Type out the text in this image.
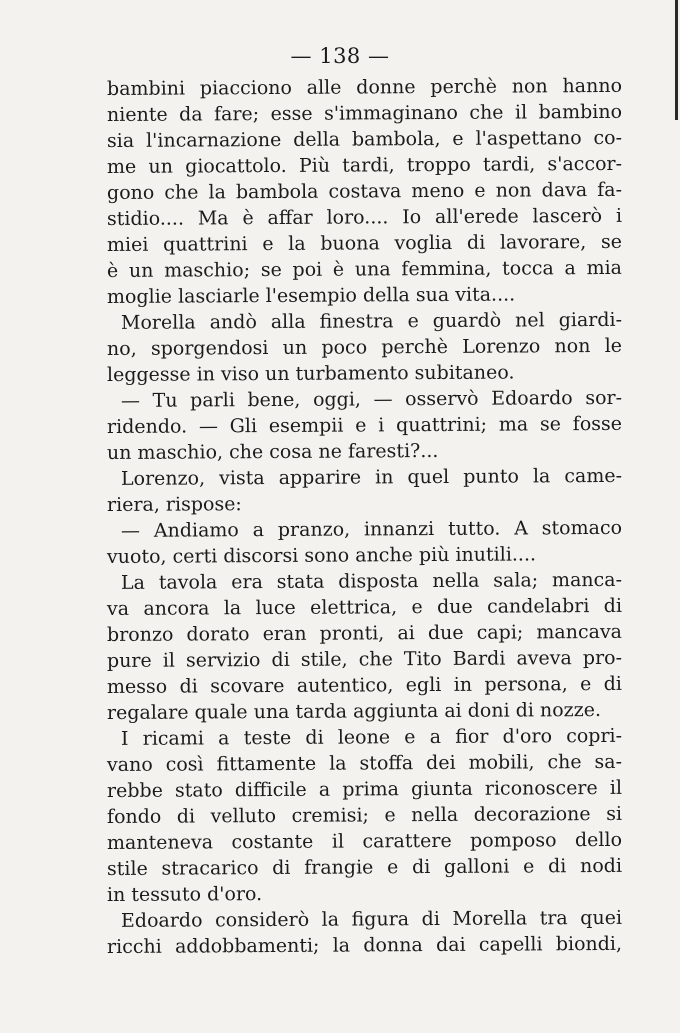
— 138 —
bambini piacciono alle donne perchè non hanno
niente da fare; esse s'immaginano che il bambino
sia l'incarnazione della bambola, e l'aspettano co-
me un giocattolo. Più tardi, troppo tardi, s'accor-
gono che la bambola costava meno e non dava fa-
stidio.... Ma è affar loro.... Io all'erede lascerò i
miei quattrini e la buona voglia di lavorare, se
è un maschio; se poi è una femmina, tocca a mia
moglie lasciarle l'esempio della sua vita....
Morella andò alla finestra e guardò nel giardi-
no, sporgendosi un poco perchè Lorenzo non le
leggesse in viso un turbamento subitaneo.
— Tu parli bene, oggi, — osservò Edoardo sor-
ridendo. — Gli esempii e i quattrini; ma se fosse
un maschio, che cosa ne faresti?...
Lorenzo, vista apparire in quel punto la came-
riera, rispose:
— Andiamo a pranzo, innanzi tutto. A stomaco
vuoto, certi discorsi sono anche più inutili....
La tavola era stata disposta nella sala; manca-
va ancora la luce elettrica, e due candelabri di
bronzo dorato eran pronti, ai due capi; mancava
pure il servizio di stile, che Tito Bardi aveva pro-
messo di scovare autentico, egli in persona, e di
regalare quale una tarda aggiunta ai doni di nozze.
I ricami a teste di leone e a fior d'oro copri-
vano così fittamente la stoffa dei mobili, che sa-
rebbe stato difficile a prima giunta riconoscere il
fondo di velluto cremisi; e nella decorazione si
manteneva costante il carattere pomposo dello
stile stracarico di frangie e di galloni e di nodi
in tessuto d'oro.
Edoardo considerò la figura di Morella tra quei
ricchi addobbamenti; la donna dai capelli biondi,
